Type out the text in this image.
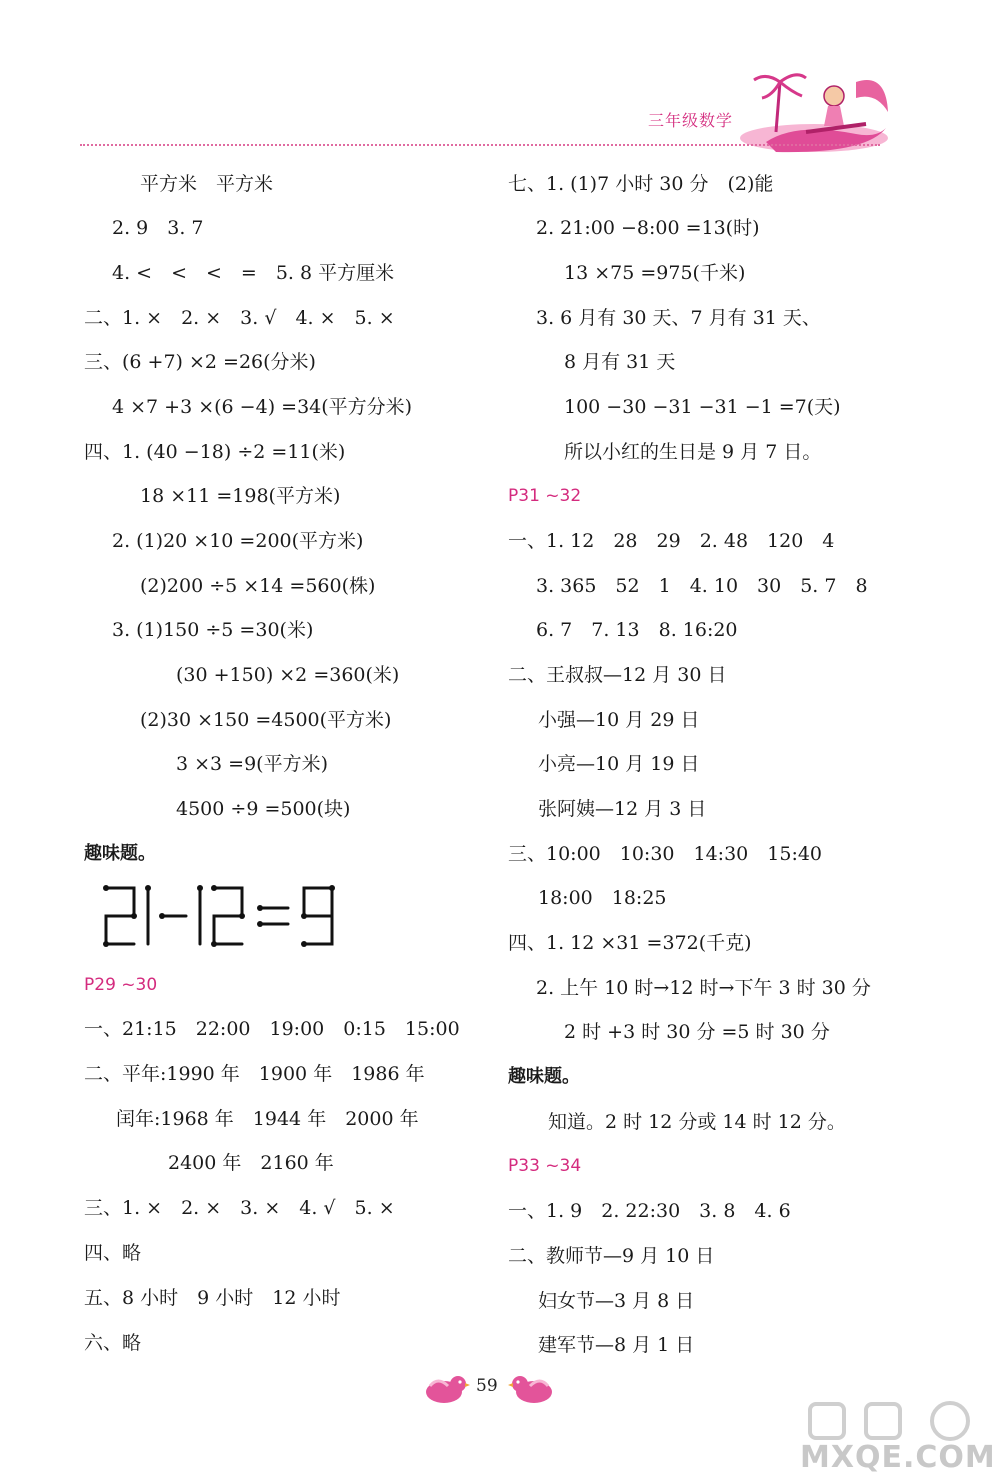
三年级数学
平方米　平方米
2. 9　3. 7
4. <　<　<　=　5. 8 平方厘米
二、1. ×　2. ×　3. √　4. ×　5. ×
三、(6 +7) ×2 =26(分米)
4 ×7 +3 ×(6 −4) =34(平方分米)
四、1. (40 −18) ÷2 =11(米)
18 ×11 =198(平方米)
2. (1)20 ×10 =200(平方米)
(2)200 ÷5 ×14 =560(株)
3. (1)150 ÷5 =30(米)
(30 +150) ×2 =360(米)
(2)30 ×150 =4500(平方米)
3 ×3 =9(平方米)
4500 ÷9 =500(块)
趣味题。
P29 ~30
一、21:15　22:00　19:00　0:15　15:00
二、平年:1990 年　1900 年　1986 年
闰年:1968 年　1944 年　2000 年
2400 年　2160 年
三、1. ×　2. ×　3. ×　4. √　5. ×
四、略
五、8 小时　9 小时　12 小时
六、略
七、1. (1)7 小时 30 分　(2)能
2. 21:00 −8:00 =13(时)
13 ×75 =975(千米)
3. 6 月有 30 天、7 月有 31 天、
8 月有 31 天
100 −30 −31 −31 −1 =7(天)
所以小红的生日是 9 月 7 日。
P31 ~32
一、1. 12　28　29　2. 48　120　4
3. 365　52　1　4. 10　30　5. 7　8
6. 7　7. 13　8. 16:20
二、王叔叔—12 月 30 日
小强—10 月 29 日
小亮—10 月 19 日
张阿姨—12 月 3 日
三、10:00　10:30　14:30　15:40
18:00　18:25
四、1. 12 ×31 =372(千克)
2. 上午 10 时→12 时→下午 3 时 30 分
2 时 +3 时 30 分 =5 时 30 分
趣味题。
知道。2 时 12 分或 14 时 12 分。
P33 ~34
一、1. 9　2. 22:30　3. 8　4. 6
二、教师节—9 月 10 日
妇女节—3 月 8 日
建军节—8 月 1 日
59
MXQE.COM
